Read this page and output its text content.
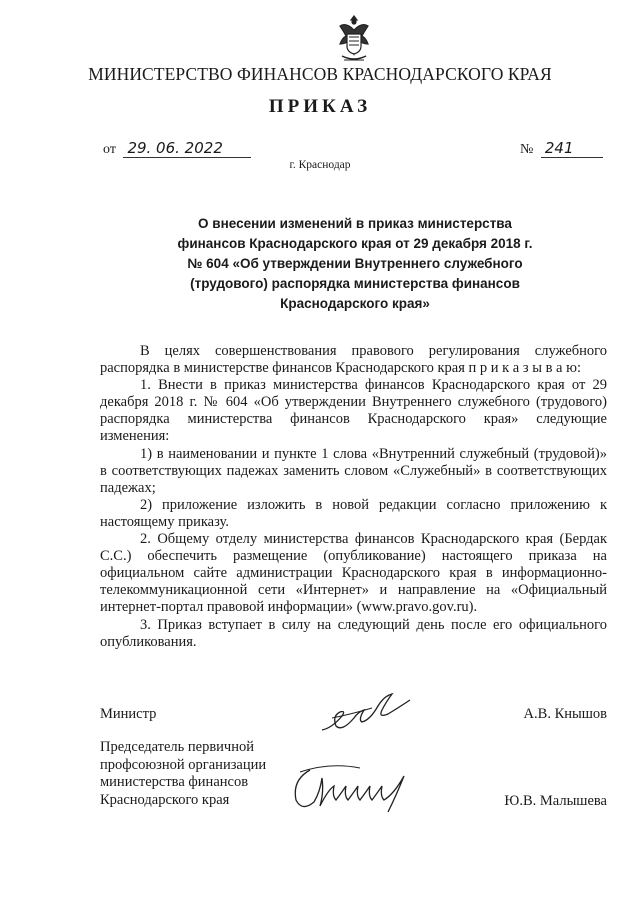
МИНИСТЕРСТВО ФИНАНСОВ КРАСНОДАРСКОГО КРАЯ
ПРИКАЗ
от 29. 06. 2022	№ 241
г. Краснодар
О внесении изменений в приказ министерства
финансов Краснодарского края от 29 декабря 2018 г.
№ 604 «Об утверждении Внутреннего служебного
(трудового) распорядка министерства финансов
Краснодарского края»

В целях совершенствования правового регулирования служебного распорядка в министерстве финансов Краснодарского края п р и к а з ы в а ю:

1. Внести в приказ министерства финансов Краснодарского края от 29 декабря 2018 г. № 604 «Об утверждении Внутреннего служебного (трудового) распорядка министерства финансов Краснодарского края» следующие изменения:

1) в наименовании и пункте 1 слова «Внутренний служебный (трудовой)» в соответствующих падежах заменить словом «Служебный» в соответствующих падежах;

2) приложение изложить в новой редакции согласно приложению к настоящему приказу.

2. Общему отделу министерства финансов Краснодарского края (Бердак С.С.) обеспечить размещение (опубликование) настоящего приказа на официальном сайте администрации Краснодарского края в информационно-телекоммуникационной сети «Интернет» и направление на «Официальный интернет-портал правовой информации» (www.pravo.gov.ru).

3. Приказ вступает в силу на следующий день после его официального опубликования.

Министр	А.В. Кнышов
Председатель первичной
профсоюзной организации
министерства финансов
Краснодарского края	Ю.В. Малышева
